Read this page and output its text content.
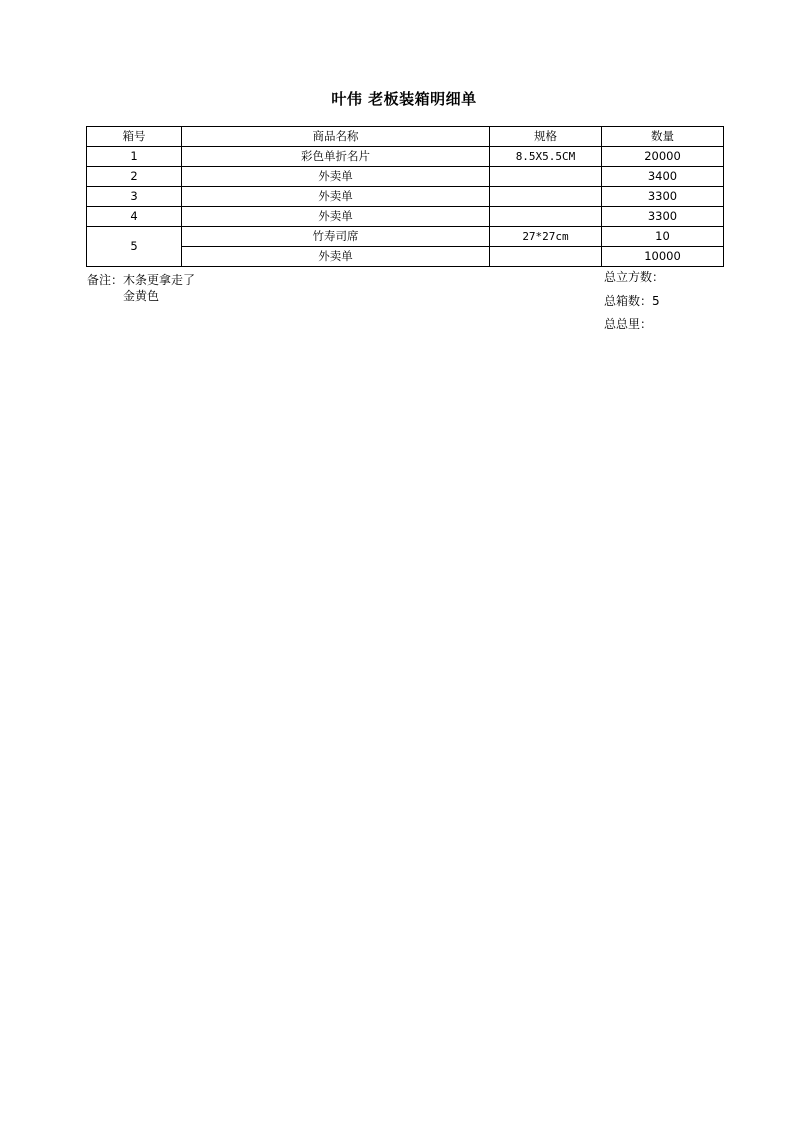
叶伟 老板装箱明细单
箱号	商品名称	规格	数量
1	彩色单折名片	8.5X5.5CM	20000
2	外卖单		3400
3	外卖单		3300
4	外卖单		3300
5	竹寿司席	27*27cm	10
	外卖单		10000
备注：木条更拿走了
金黄色
总立方数：
总箱数：5
总总里：
